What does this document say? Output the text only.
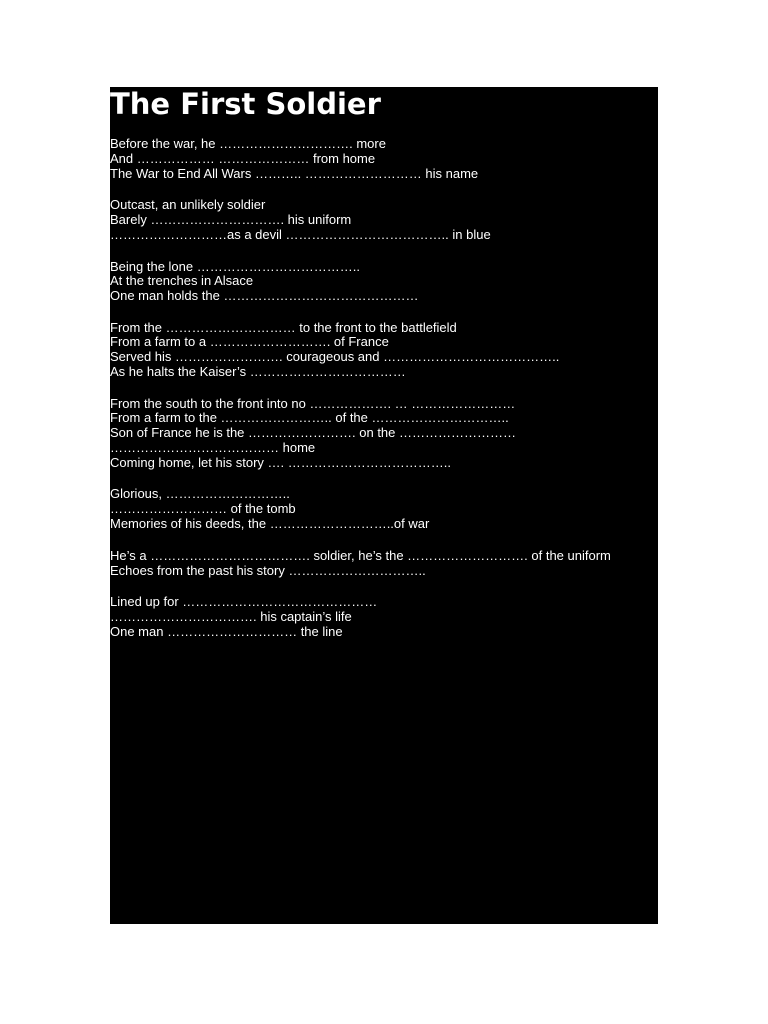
The First Soldier
Before the war, he …………………………. more
And ……………… ………………… from home
The War to End All Wars ……….. ……………………… his name
Outcast, an unlikely soldier
Barely …………………………. his uniform
………………………as a devil ……………………………….. in blue
Being the lone ………………………………..
At the trenches in Alsace
One man holds the ………………………………………
From the ………………………… to the front to the battlefield
From a farm to a ………………………. of France
Served his ……………………. courageous and …………………………………..
As he halts the Kaiser’s ………………………………
From the south to the front into no ………………. … ……………………
From a farm to the …………………….. of the …………………………..
Son of France he is the ……………………. on the ………………………
………………………………… home
Coming home, let his story …. ………………………………..
Glorious, ………………………..
……………………… of the tomb
Memories of his deeds, the ………………………..of war
He’s a ………………………………. soldier, he’s the ………………………. of the uniform
Echoes from the past his story …………………………..
Lined up for ………………………………………
……………………………. his captain’s life
One man ………………………… the line
